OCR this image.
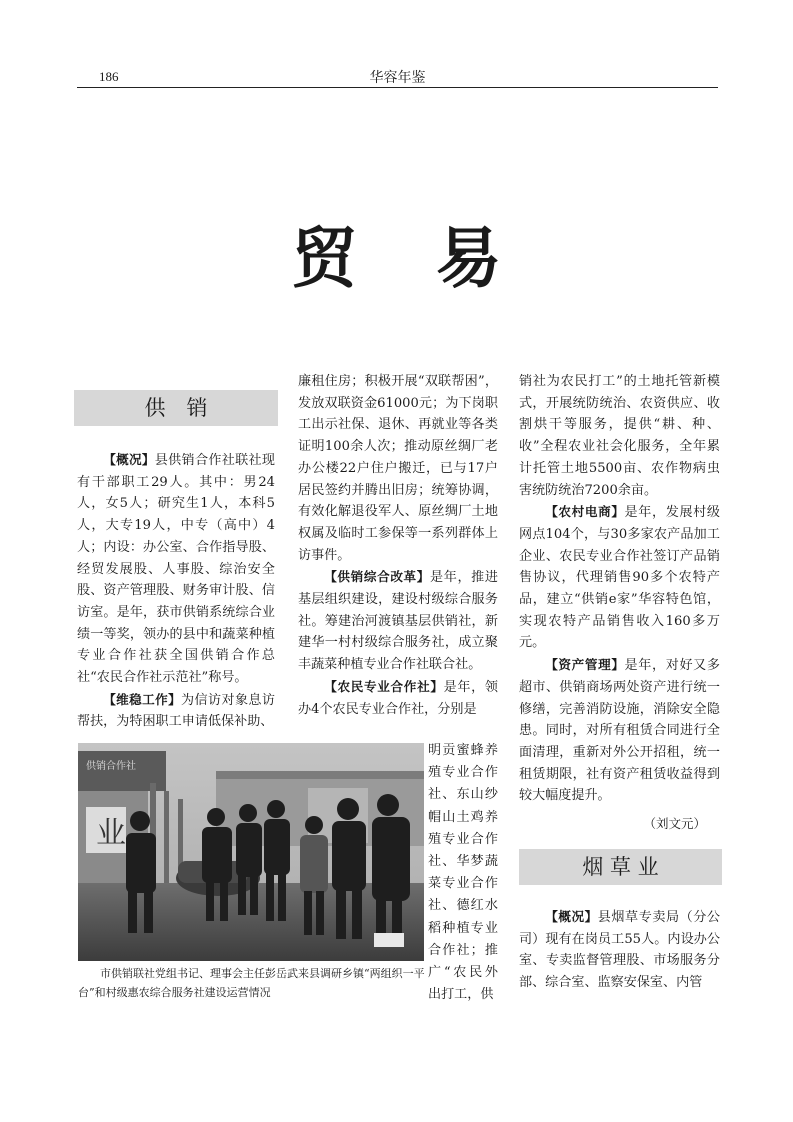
186	华容年鉴
贸易
供　销

【概况】县供销合作社联社现有干部职工29人。其中：男24人，女5人；研究生1人，本科5人，大专19人，中专（高中）4人；内设：办公室、合作指导股、经贸发展股、人事股、综治安全股、资产管理股、财务审计股、信访室。是年，获市供销系统综合业绩一等奖，领办的县中和蔬菜种植专业合作社获全国供销合作总社“农民合作社示范社”称号。

【维稳工作】为信访对象息访帮扶，为特困职工申请低保补助、

廉租住房；积极开展“双联帮困”，发放双联资金61000元；为下岗职工出示社保、退休、再就业等各类证明100余人次；推动原丝绸厂老办公楼22户住户搬迁，已与17户居民签约并腾出旧房；统筹协调，有效化解退役军人、原丝绸厂土地权属及临时工参保等一系列群体上访事件。

【供销综合改革】是年，推进基层组织建设，建设村级综合服务社。筹建治河渡镇基层供销社，新建华一村村级综合服务社，成立聚丰蔬菜种植专业合作社联合社。

【农民专业合作社】是年，领办4个农民专业合作社，分别是

明贡蜜蜂养殖专业合作社、东山纱帽山土鸡养殖专业合作社、华梦蔬菜专业合作社、德红水稻种植专业合作社；推广“农民外出打工，供
业
供销合作社
市供销联社党组书记、理事会主任彭岳武来县调研乡镇“两组织一平台”和村级惠农综合服务社建设运营情况

销社为农民打工”的土地托管新模式，开展统防统治、农资供应、收割烘干等服务，提供“耕、种、收”全程农业社会化服务，全年累计托管土地5500亩、农作物病虫害统防统治7200余亩。

【农村电商】是年，发展村级网点104个，与30多家农产品加工企业、农民专业合作社签订产品销售协议，代理销售90多个农特产品，建立“供销e家”华容特色馆，实现农特产品销售收入160多万元。

【资产管理】是年，对好又多超市、供销商场两处资产进行统一修缮，完善消防设施，消除安全隐患。同时，对所有租赁合同进行全面清理，重新对外公开招租，统一租赁期限，社有资产租赁收益得到较大幅度提升。

（刘文元）
烟 草 业

【概况】县烟草专卖局（分公司）现有在岗员工55人。内设办公室、专卖监督管理股、市场服务分部、综合室、监察安保室、内管
